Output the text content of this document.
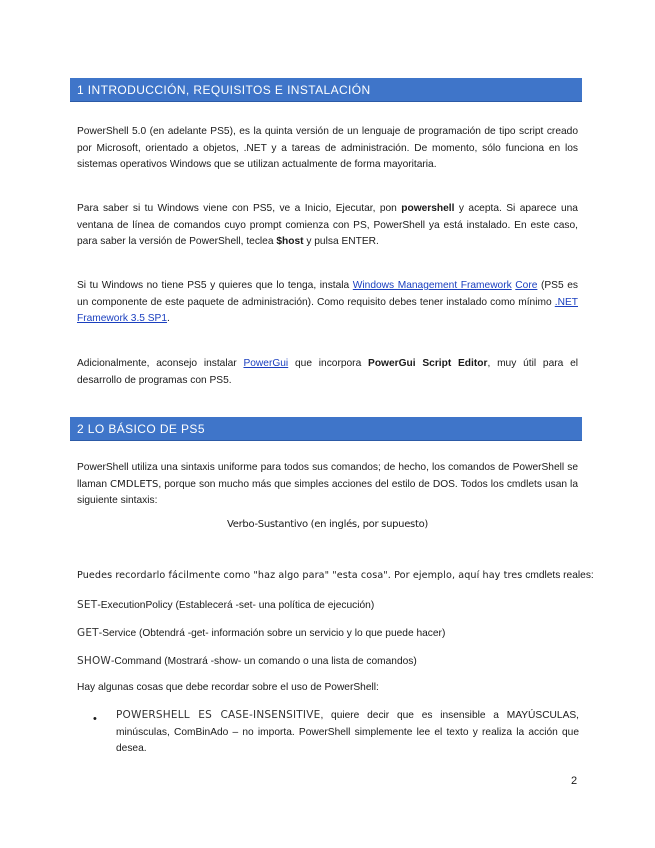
1 INTRODUCCIÓN, REQUISITOS E INSTALACIÓN
PowerShell 5.0 (en adelante PS5), es la quinta versión de un lenguaje de programación de tipo script creado por Microsoft, orientado a objetos, .NET y a tareas de administración. De momento, sólo funciona en los sistemas operativos Windows que se utilizan actualmente de forma mayoritaria.
Para saber si tu Windows viene con PS5, ve a Inicio, Ejecutar, pon powershell y acepta. Si aparece una ventana de línea de comandos cuyo prompt comienza con PS, PowerShell ya está instalado. En este caso, para saber la versión de PowerShell, teclea $host y pulsa ENTER.
Si tu Windows no tiene PS5 y quieres que lo tenga, instala Windows Management Framework Core (PS5 es un componente de este paquete de administración). Como requisito debes tener instalado como mínimo .NET Framework 3.5 SP1.
Adicionalmente, aconsejo instalar PowerGui que incorpora PowerGui Script Editor, muy útil para el desarrollo de programas con PS5.
2 LO BÁSICO DE PS5
PowerShell utiliza una sintaxis uniforme para todos sus comandos; de hecho, los comandos de PowerShell se llaman CMDLETS, porque son mucho más que simples acciones del estilo de DOS. Todos los cmdlets usan la siguiente sintaxis:
Verbo-Sustantivo (en inglés, por supuesto)
Puedes recordarlo fácilmente como "haz algo para" "esta cosa". Por ejemplo, aquí hay tres cmdlets reales:
SET-ExecutionPolicy (Establecerá -set- una política de ejecución)
GET-Service (Obtendrá -get- información sobre un servicio y lo que puede hacer)
SHOW-Command (Mostrará -show- un comando o una lista de comandos)
Hay algunas cosas que debe recordar sobre el uso de PowerShell:
• POWERSHELL ES CASE-INSENSITIVE, quiere decir que es insensible a MAYÚSCULAS, minúsculas, ComBinAdo – no importa. PowerShell simplemente lee el texto y realiza la acción que desea.
2
